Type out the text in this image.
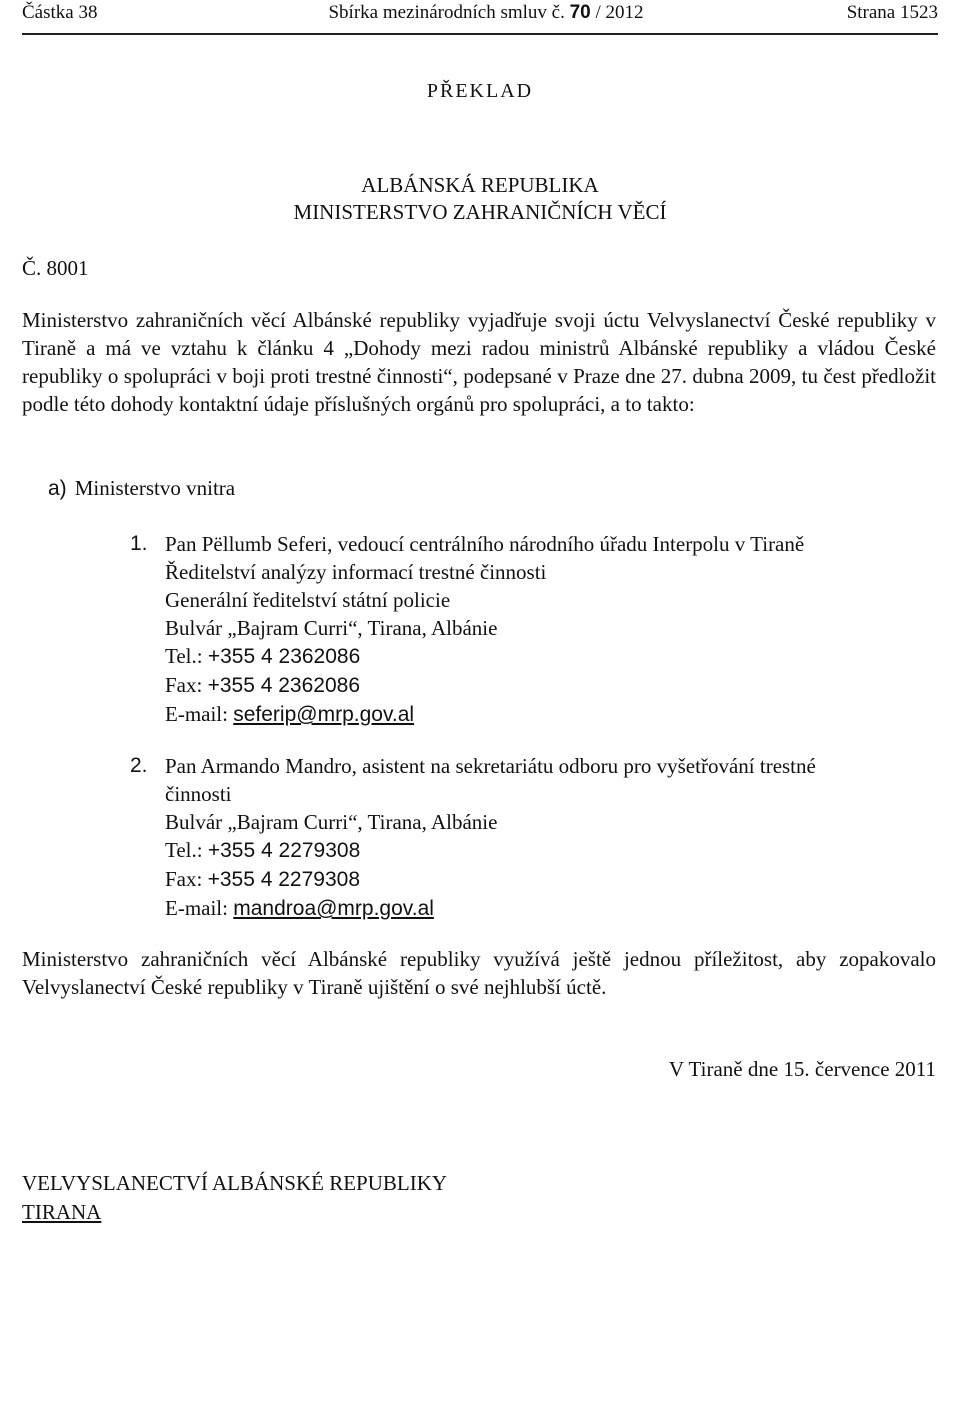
Částka 38	Sbírka mezinárodních smluv č. 70 / 2012	Strana 1523
PŘEKLAD
ALBÁNSKÁ REPUBLIKA
MINISTERSTVO ZAHRANIČNÍCH VĚCÍ
Č. 8001
Ministerstvo zahraničních věcí Albánské republiky vyjadřuje svoji úctu Velvyslanectví České republiky v Tiraně a má ve vztahu k článku 4 „Dohody mezi radou ministrů Albánské republiky a vládou České republiky o spolupráci v boji proti trestné činnosti“, podepsané v Praze dne 27. dubna 2009, tu čest předložit podle této dohody kontaktní údaje příslušných orgánů pro spolupráci, a to takto:
a) Ministerstvo vnitra
1. Pan Pëllumb Seferi, vedoucí centrálního národního úřadu Interpolu v Tiraně
Ředitelství analýzy informací trestné činnosti
Generální ředitelství státní policie
Bulvár „Bajram Curri“, Tirana, Albánie
Tel.: +355 4 2362086
Fax: +355 4 2362086
E-mail: seferip@mrp.gov.al
2. Pan Armando Mandro, asistent na sekretariátu odboru pro vyšetřování trestné
činnosti
Bulvár „Bajram Curri“, Tirana, Albánie
Tel.: +355 4 2279308
Fax: +355 4 2279308
E-mail: mandroa@mrp.gov.al
Ministerstvo zahraničních věcí Albánské republiky využívá ještě jednou příležitost, aby zopakovalo Velvyslanectví České republiky v Tiraně ujištění o své nejhlubší úctě.
V Tiraně dne 15. července 2011
VELVYSLANECTVÍ ALBÁNSKÉ REPUBLIKY
TIRANA
